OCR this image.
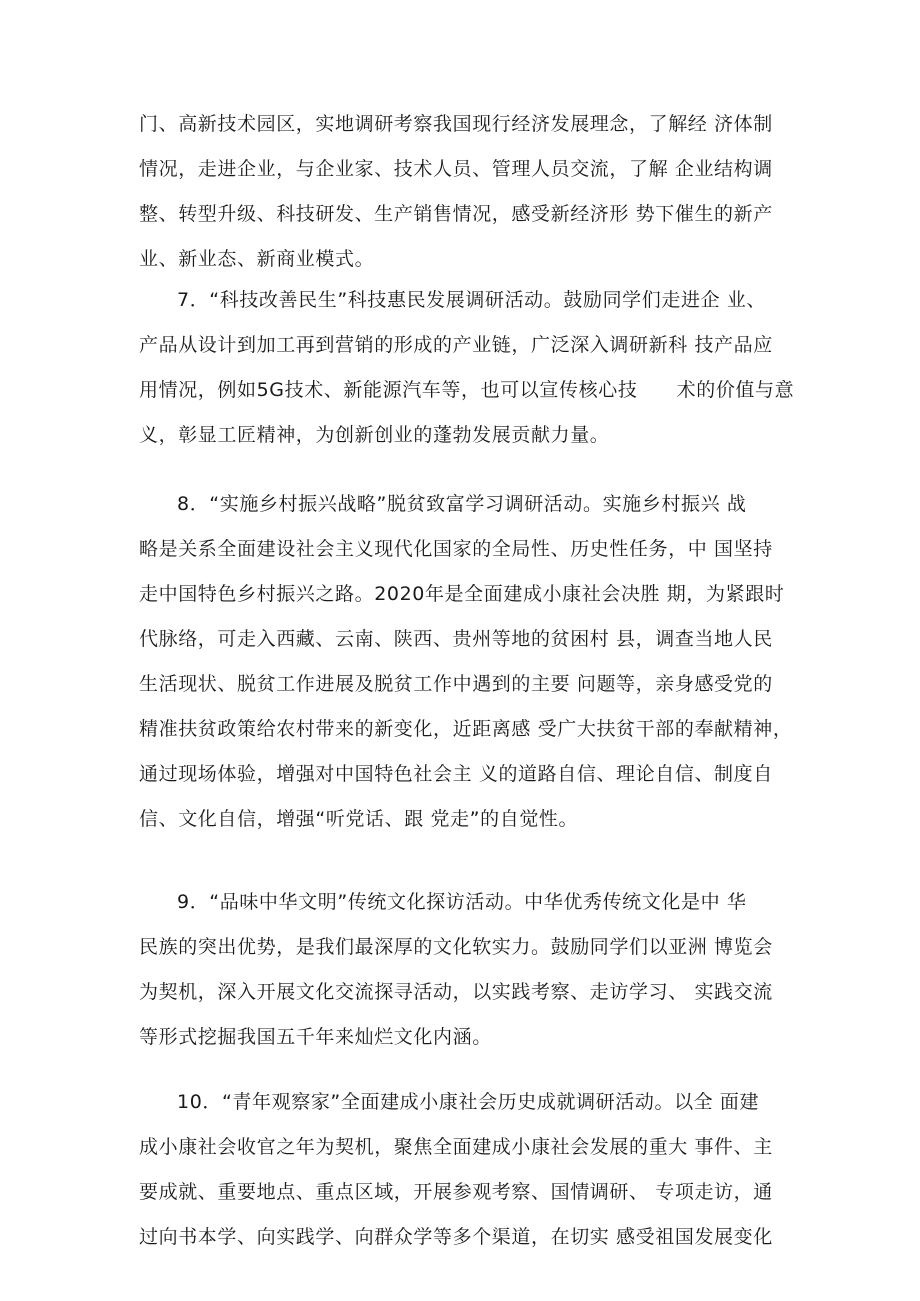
门、高新技术园区，实地调研考察我国现行经济发展理念，了解经 济体制
情况，走进企业，与企业家、技术人员、管理人员交流，了解 企业结构调
整、转型升级、科技研发、生产销售情况，感受新经济形 势下催生的新产
业、新业态、新商业模式。
7．“科技改善民生”科技惠民发展调研活动。鼓励同学们走进企 业、
产品从设计到加工再到营销的形成的产业链，广泛深入调研新科 技产品应
用情况，例如5G技术、新能源汽车等，也可以宣传核心技　　术的价值与意
义，彰显工匠精神，为创新创业的蓬勃发展贡献力量。
8．“实施乡村振兴战略”脱贫致富学习调研活动。实施乡村振兴 战
略是关系全面建设社会主义现代化国家的全局性、历史性任务，中 国坚持
走中国特色乡村振兴之路。2020年是全面建成小康社会决胜 期，为紧跟时
代脉络，可走入西藏、云南、陕西、贵州等地的贫困村 县，调查当地人民
生活现状、脱贫工作进展及脱贫工作中遇到的主要 问题等，亲身感受党的
精准扶贫政策给农村带来的新变化，近距离感 受广大扶贫干部的奉献精神，
通过现场体验，增强对中国特色社会主 义的道路自信、理论自信、制度自
信、文化自信，增强“听党话、跟 党走”的自觉性。
9．“品味中华文明”传统文化探访活动。中华优秀传统文化是中 华
民族的突出优势，是我们最深厚的文化软实力。鼓励同学们以亚洲 博览会
为契机，深入开展文化交流探寻活动，以实践考察、走访学习、 实践交流
等形式挖掘我国五千年来灿烂文化内涵。
10．“青年观察家”全面建成小康社会历史成就调研活动。以全 面建
成小康社会收官之年为契机，聚焦全面建成小康社会发展的重大 事件、主
要成就、重要地点、重点区域，开展参观考察、国情调研、 专项走访，通
过向书本学、向实践学、向群众学等多个渠道，在切实 感受祖国发展变化
